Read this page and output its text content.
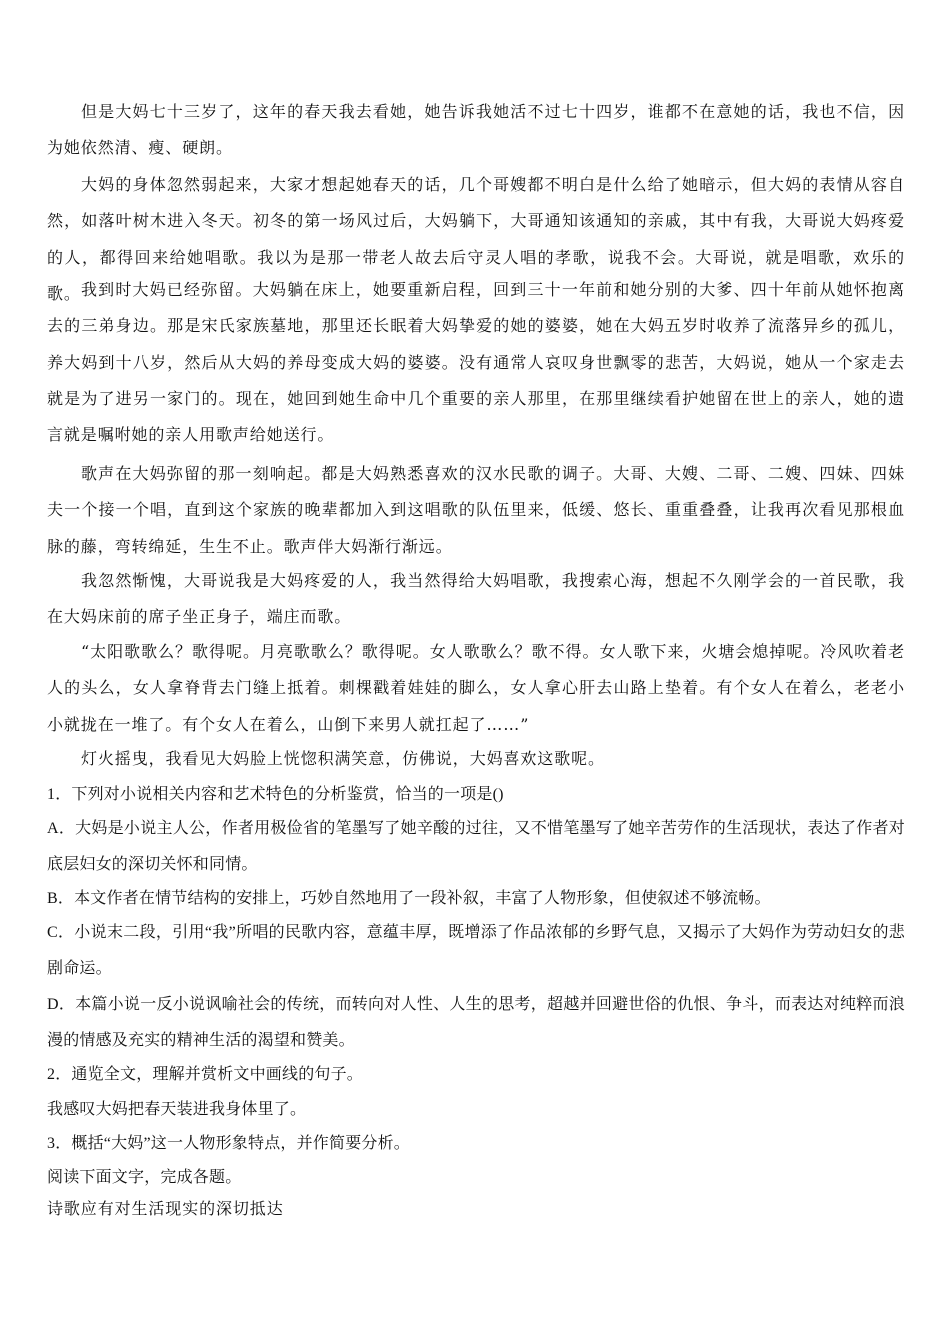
但是大妈七十三岁了，这年的春天我去看她，她告诉我她活不过七十四岁，谁都不在意她的话，我也不信，因为她依然清、瘦、硬朗。

大妈的身体忽然弱起来，大家才想起她春天的话，几个哥嫂都不明白是什么给了她暗示，但大妈的表情从容自然，如落叶树木进入冬天。初冬的第一场风过后，大妈躺下，大哥通知该通知的亲戚，其中有我，大哥说大妈疼爱的人，都得回来给她唱歌。我以为是那一带老人故去后守灵人唱的孝歌，说我不会。大哥说，就是唱歌，欢乐的歌。 我到时大妈已经弥留。大妈躺在床上，她要重新启程，回到三十一年前和她分别的大爹、四十年前从她怀抱离去的三弟身边。那是宋氏家族墓地，那里还长眠着大妈挚爱的她的婆婆，她在大妈五岁时收养了流落异乡的孤儿，养大妈到十八岁，然后从大妈的养母变成大妈的婆婆。没有通常人哀叹身世飘零的悲苦，大妈说，她从一个家走去就是为了进另一家门的。现在，她回到她生命中几个重要的亲人那里，在那里继续看护她留在世上的亲人，她的遗言就是嘱咐她的亲人用歌声给她送行。

歌声在大妈弥留的那一刻响起。都是大妈熟悉喜欢的汉水民歌的调子。大哥、大嫂、二哥、二嫂、四妹、四妹夫一个接一个唱，直到这个家族的晚辈都加入到这唱歌的队伍里来，低缓、悠长、重重叠叠，让我再次看见那根血脉的藤，弯转绵延，生生不止。歌声伴大妈渐行渐远。

我忽然惭愧，大哥说我是大妈疼爱的人，我当然得给大妈唱歌，我搜索心海，想起不久刚学会的一首民歌，我在大妈床前的席子坐正身子，端庄而歌。

“太阳歌歌么？歌得呢。月亮歌歌么？歌得呢。女人歌歌么？歌不得。女人歌下来，火塘会熄掉呢。冷风吹着老人的头么，女人拿脊背去门缝上抵着。刺棵戳着娃娃的脚么，女人拿心肝去山路上垫着。有个女人在着么，老老小小就拢在一堆了。有个女人在着么，山倒下来男人就扛起了……”

灯火摇曳，我看见大妈脸上恍惚积满笑意，仿佛说，大妈喜欢这歌呢。

1．下列对小说相关内容和艺术特色的分析鉴赏，恰当的一项是()

A．大妈是小说主人公，作者用极俭省的笔墨写了她辛酸的过往，又不惜笔墨写了她辛苦劳作的生活现状，表达了作者对底层妇女的深切关怀和同情。

B．本文作者在情节结构的安排上，巧妙自然地用了一段补叙，丰富了人物形象，但使叙述不够流畅。

C．小说末二段，引用“我”所唱的民歌内容，意蕴丰厚，既增添了作品浓郁的乡野气息，又揭示了大妈作为劳动妇女的悲剧命运。

D．本篇小说一反小说讽喻社会的传统，而转向对人性、人生的思考，超越并回避世俗的仇恨、争斗，而表达对纯粹而浪漫的情感及充实的精神生活的渴望和赞美。

2．通览全文，理解并赏析文中画线的句子。

我感叹大妈把春天装进我身体里了。

3．概括“大妈”这一人物形象特点，并作简要分析。

阅读下面文字，完成各题。

诗歌应有对生活现实的深切抵达
